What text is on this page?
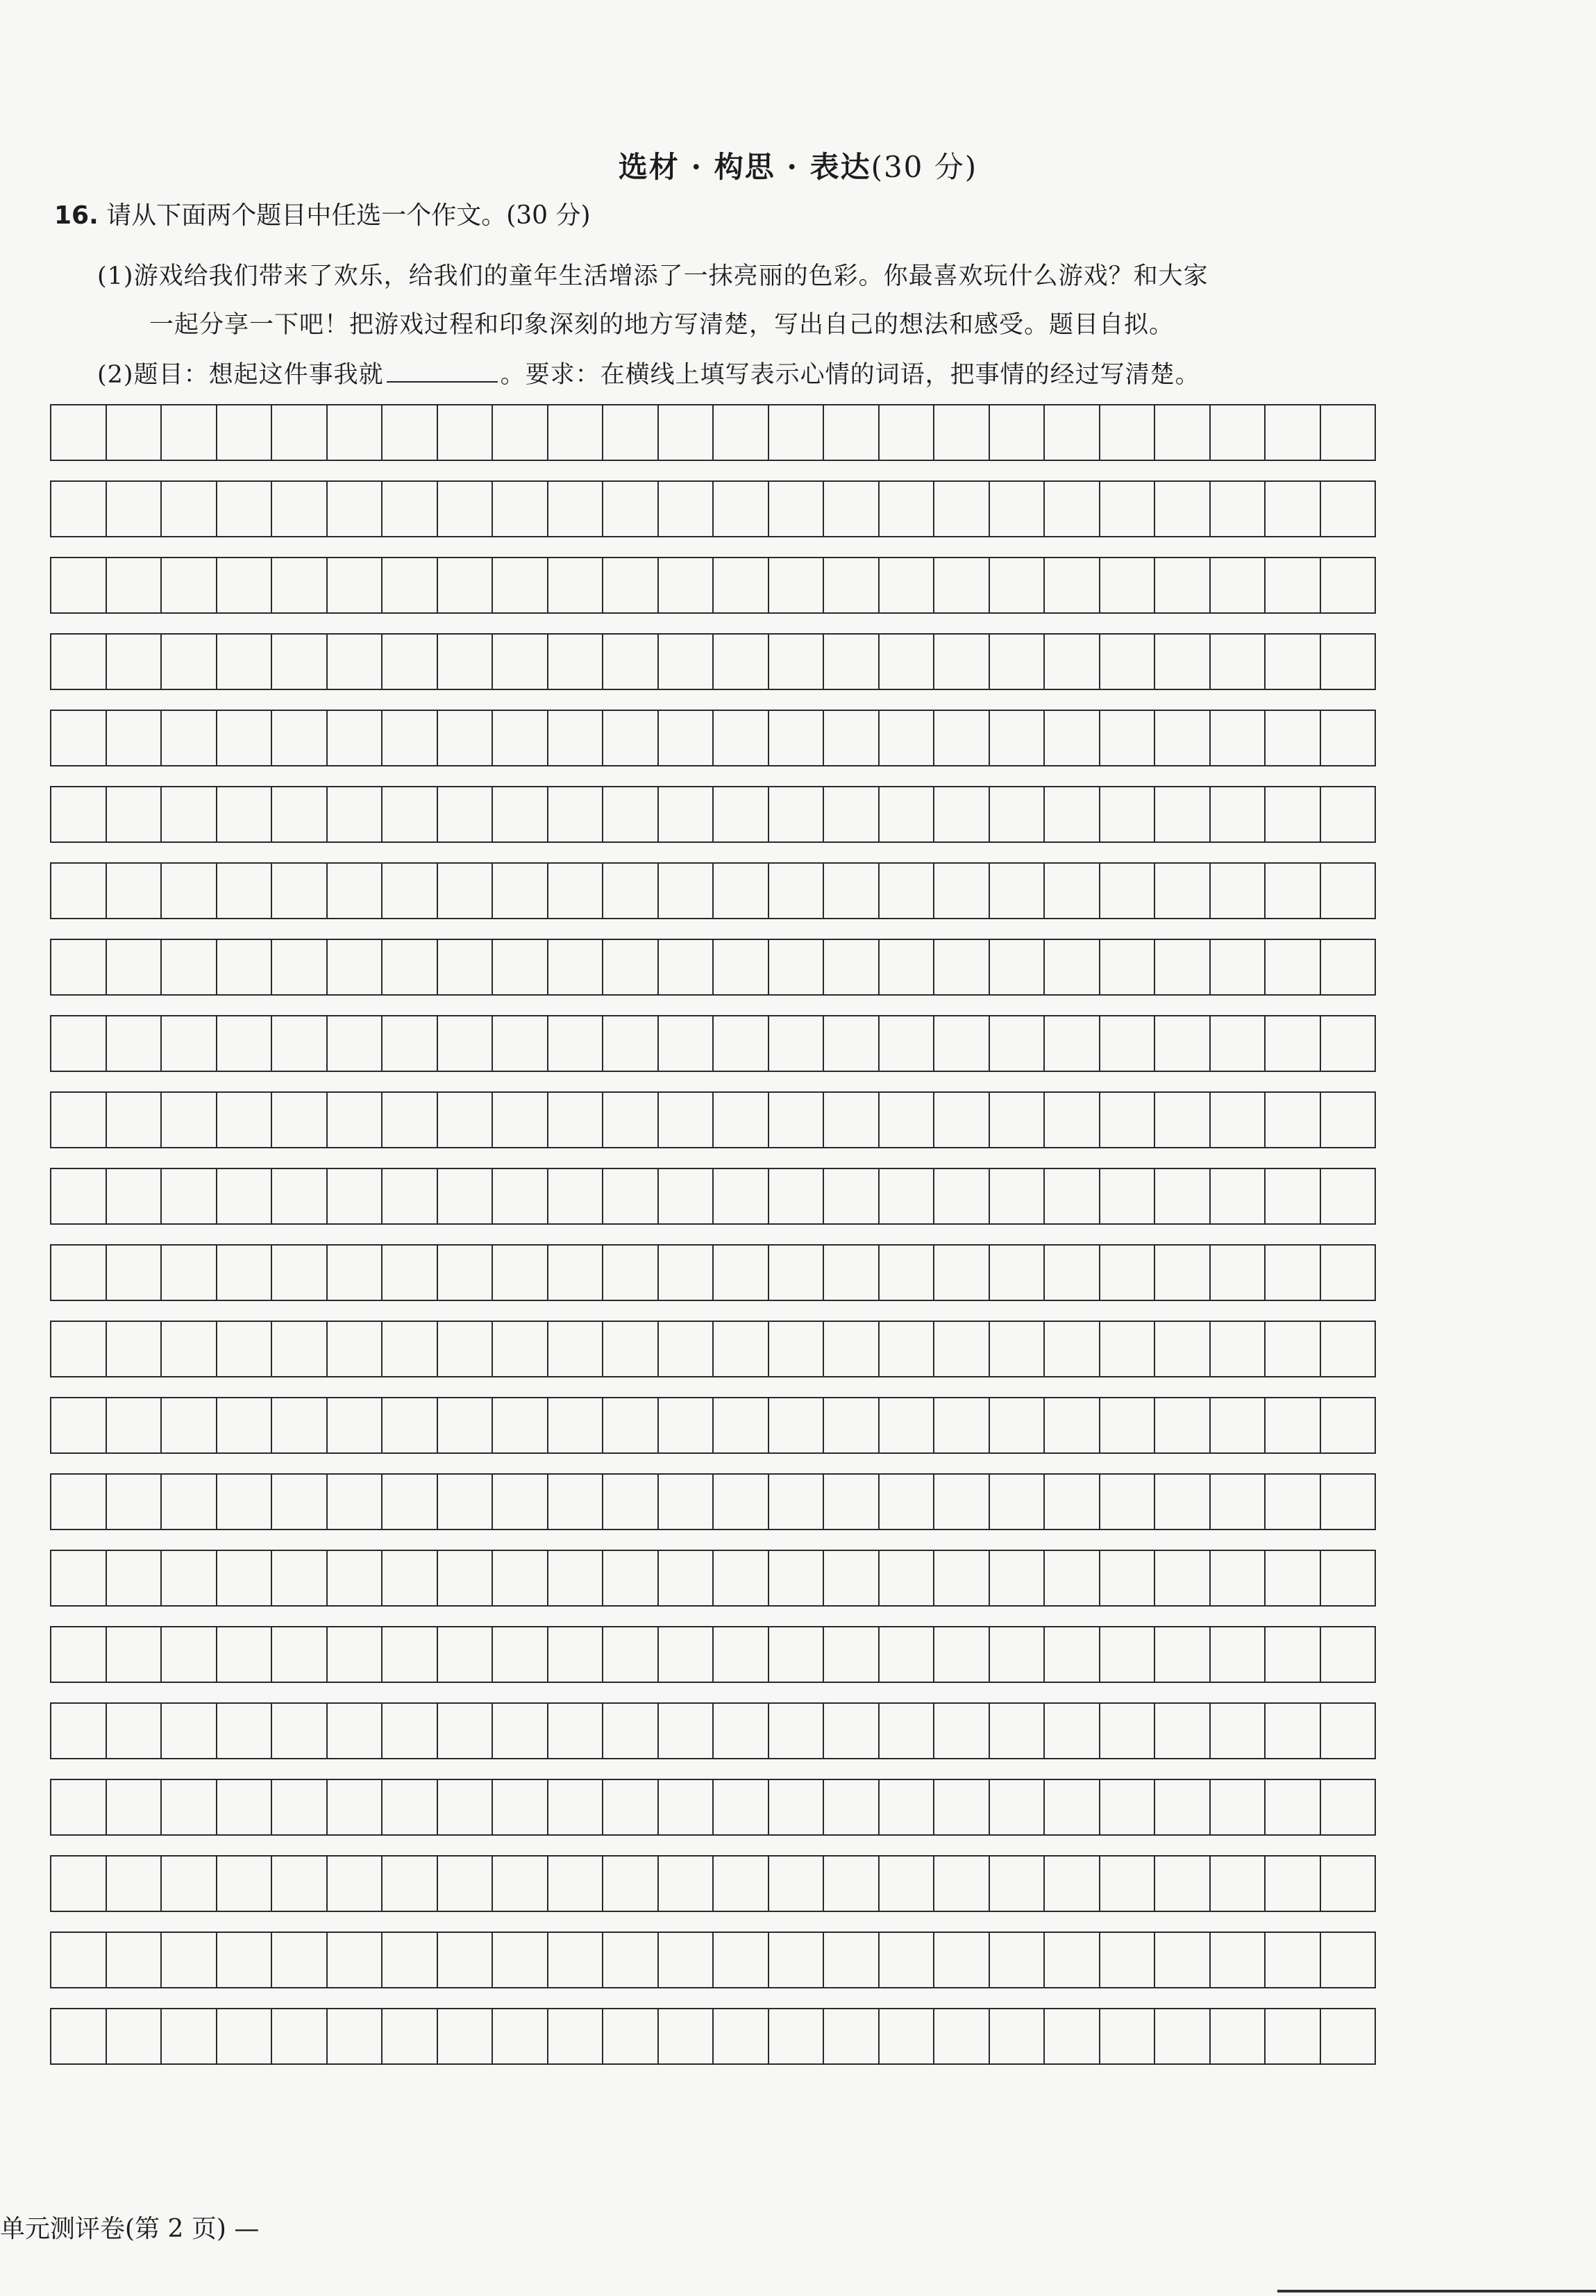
选材 · 构思 · 表达(30 分)
16. 请从下面两个题目中任选一个作文。(30 分)
(1)游戏给我们带来了欢乐，给我们的童年生活增添了一抹亮丽的色彩。你最喜欢玩什么游戏？和大家
一起分享一下吧！把游戏过程和印象深刻的地方写清楚，写出自己的想法和感受。题目自拟。
(2)题目：想起这件事我就	。要求：在横线上填写表示心情的词语，把事情的经过写清楚。
单元测评卷(第 2 页) —
